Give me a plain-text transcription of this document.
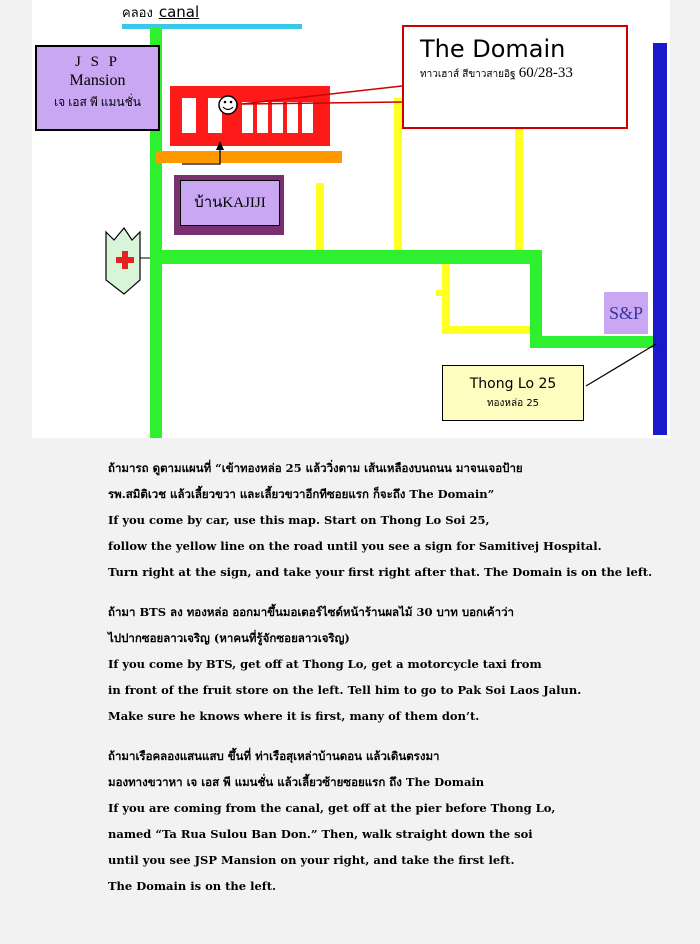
คลอง canal
J S P
Mansion
เจ เอส พี แมนชั่น
The Domain
ทาวเฮาส์ สีขาวสายอิฐ 60/28-33
บ้านKAJIJI
S&P
Thong Lo 25
ทองหล่อ 25
ถ้ามารถ ดูตามแผนที่ “เข้าทองหล่อ 25 แล้ววิ่งตาม เส้นเหลืองบนถนน มาจนเจอป้าย
รพ.สมิติเวช แล้วเลี้ยวขวา และเลี้ยวขวาอีกทีซอยแรก ก็จะถึง The Domain”
If you come by car, use this map. Start on Thong Lo Soi 25,
follow the yellow line on the road until you see a sign for Samitivej Hospital.
Turn right at the sign, and take your first right after that. The Domain is on the left.
ถ้ามา BTS ลง ทองหล่อ ออกมาขึ้นมอเตอร์ไซด์หน้าร้านผลไม้ 30 บาท บอกเค้าว่า
ไปปากซอยลาวเจริญ (หาคนที่รู้จักซอยลาวเจริญ)
If you come by BTS, get off at Thong Lo, get a motorcycle taxi from
in front of the fruit store on the left. Tell him to go to Pak Soi Laos Jalun.
Make sure he knows where it is first, many of them don’t.
ถ้ามาเรือคลองแสนแสบ ขึ้นที่ ท่าเรือสุเหล่าบ้านดอน แล้วเดินตรงมา
มองทางขวาหา เจ เอส พี แมนชั่น แล้วเลี้ยวซ้ายซอยแรก ถึง The Domain
If you are coming from the canal, get off at the pier before Thong Lo,
named “Ta Rua Sulou Ban Don.” Then, walk straight down the soi
until you see JSP Mansion on your right, and take the first left.
The Domain is on the left.
